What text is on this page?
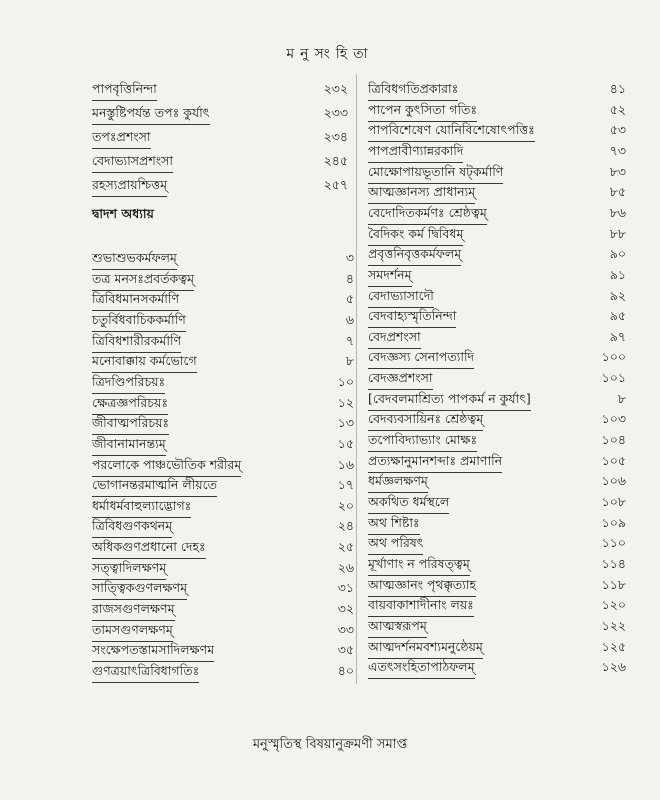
মনুসংহিতা
দ্বাদশ অধ্যায়
পাপবৃত্তিনিন্দা	২৩২
মনস্তুষ্টিপর্যন্ত তপঃ কুর্যাৎ	২৩৩
তপঃপ্রশংসা	২৩৪
বেদাভ্যাসপ্রশংসা	২৪৫
রহস্যপ্রায়শ্চিত্তম্	২৫৭
শুভাশুভকর্মফলম্	৩
তত্র মনসঃপ্রবর্তকত্বম্	৪
ত্রিবিধমানসকর্মাণি	৫
চতুর্বিধবাচিককর্মাণি	৬
ত্রিবিধশারীরকর্মাণি	৭
মনোবাক্কায় কর্মভোগে	৮
ত্রিদণ্ডিপরিচয়ঃ	১০
ক্ষেত্রজ্ঞপরিচয়ঃ	১২
জীবাত্মপরিচয়ঃ	১৩
জীবানামানন্ত্যম্	১৫
পরলোকে পাঞ্চভৌতিক শরীরম্	১৬
ভোগানন্তরমাত্মনি লীয়তে	১৭
ধর্মাধর্মবাহুল্যাদ্ভোগঃ	২০
ত্রিবিধগুণকথনম্	২৪
অধিকগুণপ্রধানো দেহঃ	২৫
সত্ত্বাদিলক্ষণম্	২৬
সাত্ত্বিকগুণলক্ষণম্	৩১
রাজসগুণলক্ষণম্	৩২
তামসগুণলক্ষণম্	৩৩
সংক্ষেপতস্তামসাদিলক্ষণম	৩৫
গুণত্রয়াৎত্রিবিধাগতিঃ	৪০
ত্রিবিধগতিপ্রকারাঃ	৪১
পাপেন কুৎসিতা গতিঃ	৫২
পাপবিশেষেণ যোনিবিশেষোৎপত্তিঃ	৫৩
পাপপ্রাবীণ্যান্নরকাদি	৭৩
মোক্ষোপায়ভূতানি ষট্কর্মাণি	৮৩
আত্মজ্ঞানস্য প্রাধান্যম্	৮৫
বেদোদিতকর্মণঃ শ্রেষ্ঠত্বম্	৮৬
বৈদিকং কর্ম দ্বিবিধম্	৮৮
প্রবৃত্তনিবৃত্তকর্মফলম্	৯০
সমদর্শনম্	৯১
বেদাভ্যাসাদৌ	৯২
বেদবাহ্যস্মৃতিনিন্দা	৯৫
বেদপ্রশংসা	৯৭
বেদজ্ঞস্য সেনাপত্যাদি	১০০
বেদজ্ঞপ্রশংসা	১০১
[বেদবলমাশ্রিত্য পাপকর্ম ন কুর্যাৎ]	৮
বেদব্যবসায়িনঃ শ্রেষ্ঠত্বম্	১০৩
তপোবিদ্যাভ্যাং মোক্ষঃ	১০৪
প্রত্যক্ষানুমানশব্দাঃ প্রমাণানি	১০৫
ধর্মজ্ঞলক্ষণম্	১০৬
অকথিত ধর্মস্থলে	১০৮
অথ শিষ্টাঃ	১০৯
অথ পরিষৎ	১১০
মূর্খাণাং ন পরিষত্ত্বম্	১১৪
আত্মজ্ঞানং পৃথক্কৃত্যাহ	১১৮
বায়বাকাশাদীনাং লয়ঃ	১২০
আত্মস্বরূপম্	১২২
আত্মদর্শনমবশ্যমনুষ্ঠেয়ম্	১২৫
এতৎসংহিতাপাঠফলম্	১২৬
মনুস্মৃতিস্থ বিষয়ানুক্রমণী সমাপ্ত
